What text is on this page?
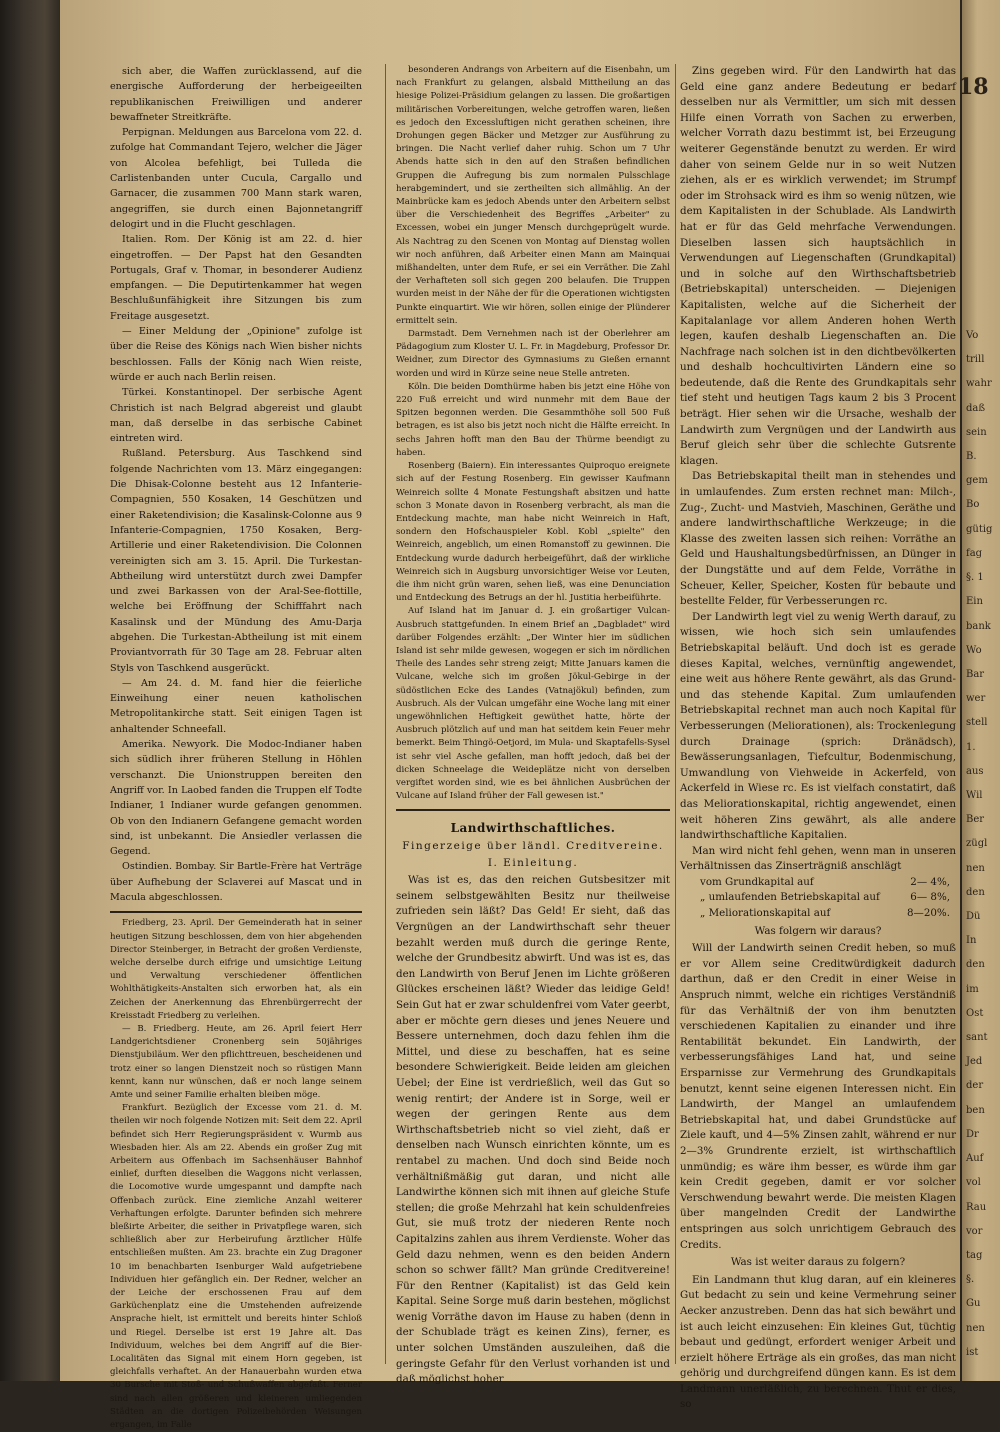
Vo
trill
wahr
daß
sein
B.
gem
Bo
gütig
fag
§. 1
Ein
bank
Wo
Bar
wer
stell
1.
aus
Wil
Ber
zügl
nen
den
Dü
In
den
im
Ost
sant
Jed
der
ben
Dr
Auf
vol
Rau
vor
tag
§.
Gu
nen
ist
18

sich aber, die Waffen zurücklassend, auf die energische Aufforderung der herbeigeeilten republikanischen Freiwilligen und anderer bewaffneter Streitkräfte.

Perpignan. Meldungen aus Barcelona vom 22. d. zufolge hat Commandant Tejero, welcher die Jäger von Alcolea befehligt, bei Tulleda die Carlistenbanden unter Cucula, Cargallo und Garnacer, die zusammen 700 Mann stark waren, angegriffen, sie durch einen Bajonnetangriff delogirt und in die Flucht geschlagen.

Italien. Rom. Der König ist am 22. d. hier eingetroffen. — Der Papst hat den Gesandten Portugals, Graf v. Thomar, in besonderer Audienz empfangen. — Die Deputirtenkammer hat wegen Beschlußunfähigkeit ihre Sitzungen bis zum Freitage ausgesetzt.

— Einer Meldung der „Opinione" zufolge ist über die Reise des Königs nach Wien bisher nichts beschlossen. Falls der König nach Wien reiste, würde er auch nach Berlin reisen.

Türkei. Konstantinopel. Der serbische Agent Christich ist nach Belgrad abgereist und glaubt man, daß derselbe in das serbische Cabinet eintreten wird.

Rußland. Petersburg. Aus Taschkend sind folgende Nachrichten vom 13. März eingegangen: Die Dhisak-Colonne besteht aus 12 Infanterie-Compagnien, 550 Kosaken, 14 Geschützen und einer Raketendivision; die Kasalinsk-Colonne aus 9 Infanterie-Compagnien, 1750 Kosaken, Berg-Artillerie und einer Raketendivision. Die Colonnen vereinigten sich am 3. 15. April. Die Turkestan-Abtheilung wird unterstützt durch zwei Dampfer und zwei Barkassen von der Aral-See-flottille, welche bei Eröffnung der Schifffahrt nach Kasalinsk und der Mündung des Amu-Darja abgehen. Die Turkestan-Abtheilung ist mit einem Proviantvorrath für 30 Tage am 28. Februar alten Styls von Taschkend ausgerückt.

— Am 24. d. M. fand hier die feierliche Einweihung einer neuen katholischen Metropolitankirche statt. Seit einigen Tagen ist anhaltender Schneefall.

Amerika. Newyork. Die Modoc-Indianer haben sich südlich ihrer früheren Stellung in Höhlen verschanzt. Die Unionstruppen bereiten den Angriff vor. In Laobed fanden die Truppen elf Todte Indianer, 1 Indianer wurde gefangen genommen. Ob von den Indianern Gefangene gemacht worden sind, ist unbekannt. Die Ansiedler verlassen die Gegend.

Ostindien. Bombay. Sir Bartle-Frère hat Verträge über Aufhebung der Sclaverei auf Mascat und in Macula abgeschlossen.

Friedberg, 23. April. Der Gemeinderath hat in seiner heutigen Sitzung beschlossen, dem von hier abgehenden Director Steinberger, in Betracht der großen Verdienste, welche derselbe durch eifrige und umsichtige Leitung und Verwaltung verschiedener öffentlichen Wohlthätigkeits-Anstalten sich erworben hat, als ein Zeichen der Anerkennung das Ehrenbürgerrecht der Kreisstadt Friedberg zu verleihen.

— B. Friedberg. Heute, am 26. April feiert Herr Landgerichtsdiener Cronenberg sein 50jähriges Dienstjubiläum. Wer den pflichttreuen, bescheidenen und trotz einer so langen Dienstzeit noch so rüstigen Mann kennt, kann nur wünschen, daß er noch lange seinem Amte und seiner Familie erhalten bleiben möge.

Frankfurt. Bezüglich der Excesse vom 21. d. M. theilen wir noch folgende Notizen mit: Seit dem 22. April befindet sich Herr Regierungspräsident v. Wurmb aus Wiesbaden hier. Als am 22. Abends ein großer Zug mit Arbeitern aus Offenbach im Sachsenhäuser Bahnhof einlief, durften dieselben die Waggons nicht verlassen, die Locomotive wurde umgespannt und dampfte nach Offenbach zurück. Eine ziemliche Anzahl weiterer Verhaftungen erfolgte. Darunter befinden sich mehrere bleßirte Arbeiter, die seither in Privatpflege waren, sich schließlich aber zur Herbeirufung ärztlicher Hülfe entschließen mußten. Am 23. brachte ein Zug Dragoner 10 im benachbarten Isenburger Wald aufgetriebene Individuen hier gefänglich ein. Der Redner, welcher an der Leiche der erschossenen Frau auf dem Garküchenplatz eine die Umstehenden aufreizende Ansprache hielt, ist ermittelt und bereits hinter Schloß und Riegel. Derselbe ist erst 19 Jahre alt. Das Individuum, welches bei dem Angriff auf die Bier-Localitäten das Signal mit einem Horn gegeben, ist gleichfalls verhaftet. An der Hanauerbahn wurden etwa 30 Bursche mit Stoß- und Schußwaffen abgefaßt. Ferner sind nach allen größeren und kleineren umliegenden Städten an die dortigen Polizeibehörden Weisungen ergangen, im Falle

besonderen Andrangs von Arbeitern auf die Eisenbahn, um nach Frankfurt zu gelangen, alsbald Mittheilung an das hiesige Polizei-Präsidium gelangen zu lassen. Die großartigen militärischen Vorbereitungen, welche getroffen waren, ließen es jedoch den Excessluftigen nicht gerathen scheinen, ihre Drohungen gegen Bäcker und Metzger zur Ausführung zu bringen. Die Nacht verlief daher ruhig. Schon um 7 Uhr Abends hatte sich in den auf den Straßen befindlichen Gruppen die Aufregung bis zum normalen Pulsschlage herabgemindert, und sie zertheilten sich allmählig. An der Mainbrücke kam es jedoch Abends unter den Arbeitern selbst über die Verschiedenheit des Begriffes „Arbeiter" zu Excessen, wobei ein junger Mensch durchgeprügelt wurde. Als Nachtrag zu den Scenen von Montag auf Dienstag wollen wir noch anführen, daß Arbeiter einen Mann am Mainquai mißhandelten, unter dem Rufe, er sei ein Verräther. Die Zahl der Verhafteten soll sich gegen 200 belaufen. Die Truppen wurden meist in der Nähe der für die Operationen wichtigsten Punkte einquartirt. Wie wir hören, sollen einige der Plünderer ermittelt sein.

Darmstadt. Dem Vernehmen nach ist der Oberlehrer am Pädagogium zum Kloster U. L. Fr. in Magdeburg, Professor Dr. Weidner, zum Director des Gymnasiums zu Gießen ernannt worden und wird in Kürze seine neue Stelle antreten.

Köln. Die beiden Domthürme haben bis jetzt eine Höhe von 220 Fuß erreicht und wird nunmehr mit dem Baue der Spitzen begonnen werden. Die Gesammthöhe soll 500 Fuß betragen, es ist also bis jetzt noch nicht die Hälfte erreicht. In sechs Jahren hofft man den Bau der Thürme beendigt zu haben.

Rosenberg (Baiern). Ein interessantes Quiproquo ereignete sich auf der Festung Rosenberg. Ein gewisser Kaufmann Weinreich sollte 4 Monate Festungshaft absitzen und hatte schon 3 Monate davon in Rosenberg verbracht, als man die Entdeckung machte, man habe nicht Weinreich in Haft, sondern den Hofschauspieler Kobl. Kobl „spielte" den Weinreich, angeblich, um einen Romanstoff zu gewinnen. Die Entdeckung wurde dadurch herbeigeführt, daß der wirkliche Weinreich sich in Augsburg unvorsichtiger Weise vor Leuten, die ihm nicht grün waren, sehen ließ, was eine Denunciation und Entdeckung des Betrugs an der hl. Justitia herbeiführte.

Auf Island hat im Januar d. J. ein großartiger Vulcan-Ausbruch stattgefunden. In einem Brief an „Dagbladet" wird darüber Folgendes erzählt: „Der Winter hier im südlichen Island ist sehr milde gewesen, wogegen er sich im nördlichen Theile des Landes sehr streng zeigt; Mitte Januars kamen die Vulcane, welche sich im großen Jökul-Gebirge in der südöstlichen Ecke des Landes (Vatnajökul) befinden, zum Ausbruch. Als der Vulcan umgefähr eine Woche lang mit einer ungewöhnlichen Heftigkeit gewüthet hatte, hörte der Ausbruch plötzlich auf und man hat seitdem kein Feuer mehr bemerkt. Beim Thingö-Oetjord, im Mula- und Skaptafells-Sysel ist sehr viel Asche gefallen, man hofft jedoch, daß bei der dicken Schneelage die Weideplätze nicht von derselben vergiftet worden sind, wie es bei ähnlichen Ausbrüchen der Vulcane auf Island früher der Fall gewesen ist."

Landwirthschaftliches.
Fingerzeige über ländl. Creditvereine.
I. Einleitung.

Was ist es, das den reichen Gutsbesitzer mit seinem selbstgewählten Besitz nur theilweise zufrieden sein läßt? Das Geld! Er sieht, daß das Vergnügen an der Landwirthschaft sehr theuer bezahlt werden muß durch die geringe Rente, welche der Grundbesitz abwirft. Und was ist es, das den Landwirth von Beruf Jenen im Lichte größeren Glückes erscheinen läßt? Wieder das leidige Geld! Sein Gut hat er zwar schuldenfrei vom Vater geerbt, aber er möchte gern dieses und jenes Neuere und Bessere unternehmen, doch dazu fehlen ihm die Mittel, und diese zu beschaffen, hat es seine besondere Schwierigkeit. Beide leiden am gleichen Uebel; der Eine ist verdrießlich, weil das Gut so wenig rentirt; der Andere ist in Sorge, weil er wegen der geringen Rente aus dem Wirthschaftsbetrieb nicht so viel zieht, daß er denselben nach Wunsch einrichten könnte, um es rentabel zu machen. Und doch sind Beide noch verhältnißmäßig gut daran, und nicht alle Landwirthe können sich mit ihnen auf gleiche Stufe stellen; die große Mehrzahl hat kein schuldenfreies Gut, sie muß trotz der niederen Rente noch Capitalzins zahlen aus ihrem Verdienste. Woher das Geld dazu nehmen, wenn es den beiden Andern schon so schwer fällt? Man gründe Creditvereine! Für den Rentner (Kapitalist) ist das Geld kein Kapital. Seine Sorge muß darin bestehen, möglichst wenig Vorräthe davon im Hause zu haben (denn in der Schublade trägt es keinen Zins), ferner, es unter solchen Umständen auszuleihen, daß die geringste Gefahr für den Verlust vorhanden ist und daß möglichst hoher

Zins gegeben wird. Für den Landwirth hat das Geld eine ganz andere Bedeutung er bedarf desselben nur als Vermittler, um sich mit dessen Hilfe einen Vorrath von Sachen zu erwerben, welcher Vorrath dazu bestimmt ist, bei Erzeugung weiterer Gegenstände benutzt zu werden. Er wird daher von seinem Gelde nur in so weit Nutzen ziehen, als er es wirklich verwendet; im Strumpf oder im Strohsack wird es ihm so wenig nützen, wie dem Kapitalisten in der Schublade. Als Landwirth hat er für das Geld mehrfache Verwendungen. Dieselben lassen sich hauptsächlich in Verwendungen auf Liegenschaften (Grundkapital) und in solche auf den Wirthschaftsbetrieb (Betriebskapital) unterscheiden. — Diejenigen Kapitalisten, welche auf die Sicherheit der Kapitalanlage vor allem Anderen hohen Werth legen, kaufen deshalb Liegenschaften an. Die Nachfrage nach solchen ist in den dichtbevölkerten und deshalb hochcultivirten Ländern eine so bedeutende, daß die Rente des Grundkapitals sehr tief steht und heutigen Tags kaum 2 bis 3 Procent beträgt. Hier sehen wir die Ursache, weshalb der Landwirth zum Vergnügen und der Landwirth aus Beruf gleich sehr über die schlechte Gutsrente klagen.

Das Betriebskapital theilt man in stehendes und in umlaufendes. Zum ersten rechnet man: Milch-, Zug-, Zucht- und Mastvieh, Maschinen, Geräthe und andere landwirthschaftliche Werkzeuge; in die Klasse des zweiten lassen sich reihen: Vorräthe an Geld und Haushaltungsbedürfnissen, an Dünger in der Dungstätte und auf dem Felde, Vorräthe in Scheuer, Keller, Speicher, Kosten für bebaute und bestellte Felder, für Verbesserungen rc.

Der Landwirth legt viel zu wenig Werth darauf, zu wissen, wie hoch sich sein umlaufendes Betriebskapital beläuft. Und doch ist es gerade dieses Kapital, welches, vernünftig angewendet, eine weit aus höhere Rente gewährt, als das Grund- und das stehende Kapital. Zum umlaufenden Betriebskapital rechnet man auch noch Kapital für Verbesserungen (Meliorationen), als: Trockenlegung durch Drainage (sprich: Dränädsch), Bewässerungsanlagen, Tiefcultur, Bodenmischung, Umwandlung von Viehweide in Ackerfeld, von Ackerfeld in Wiese rc. Es ist vielfach constatirt, daß das Meliorationskapital, richtig angewendet, einen weit höheren Zins gewährt, als alle andere landwirthschaftliche Kapitalien.

Man wird nicht fehl gehen, wenn man in unseren Verhältnissen das Zinserträgniß anschlägt

vom Grundkapital auf	2— 4%,
„ umlaufenden Betriebskapital auf	6— 8%,
„ Meliorationskapital auf	8—20%.

Was folgern wir daraus?

Will der Landwirth seinen Credit heben, so muß er vor Allem seine Creditwürdigkeit dadurch darthun, daß er den Credit in einer Weise in Anspruch nimmt, welche ein richtiges Verständniß für das Verhältniß der von ihm benutzten verschiedenen Kapitalien zu einander und ihre Rentabilität bekundet. Ein Landwirth, der verbesserungsfähiges Land hat, und seine Ersparnisse zur Vermehrung des Grundkapitals benutzt, kennt seine eigenen Interessen nicht. Ein Landwirth, der Mangel an umlaufendem Betriebskapital hat, und dabei Grundstücke auf Ziele kauft, und 4—5% Zinsen zahlt, während er nur 2—3% Grundrente erzielt, ist wirthschaftlich unmündig; es wäre ihm besser, es würde ihm gar kein Credit gegeben, damit er vor solcher Verschwendung bewahrt werde. Die meisten Klagen über mangelnden Credit der Landwirthe entspringen aus solch unrichtigem Gebrauch des Credits.

Was ist weiter daraus zu folgern?

Ein Landmann thut klug daran, auf ein kleineres Gut bedacht zu sein und keine Vermehrung seiner Aecker anzustreben. Denn das hat sich bewährt und ist auch leicht einzusehen: Ein kleines Gut, tüchtig bebaut und gedüngt, erfordert weniger Arbeit und erzielt höhere Erträge als ein großes, das man nicht gehörig und durchgreifend düngen kann. Es ist dem Landmann unerläßlich, zu berechnen. Thut er dies, so
